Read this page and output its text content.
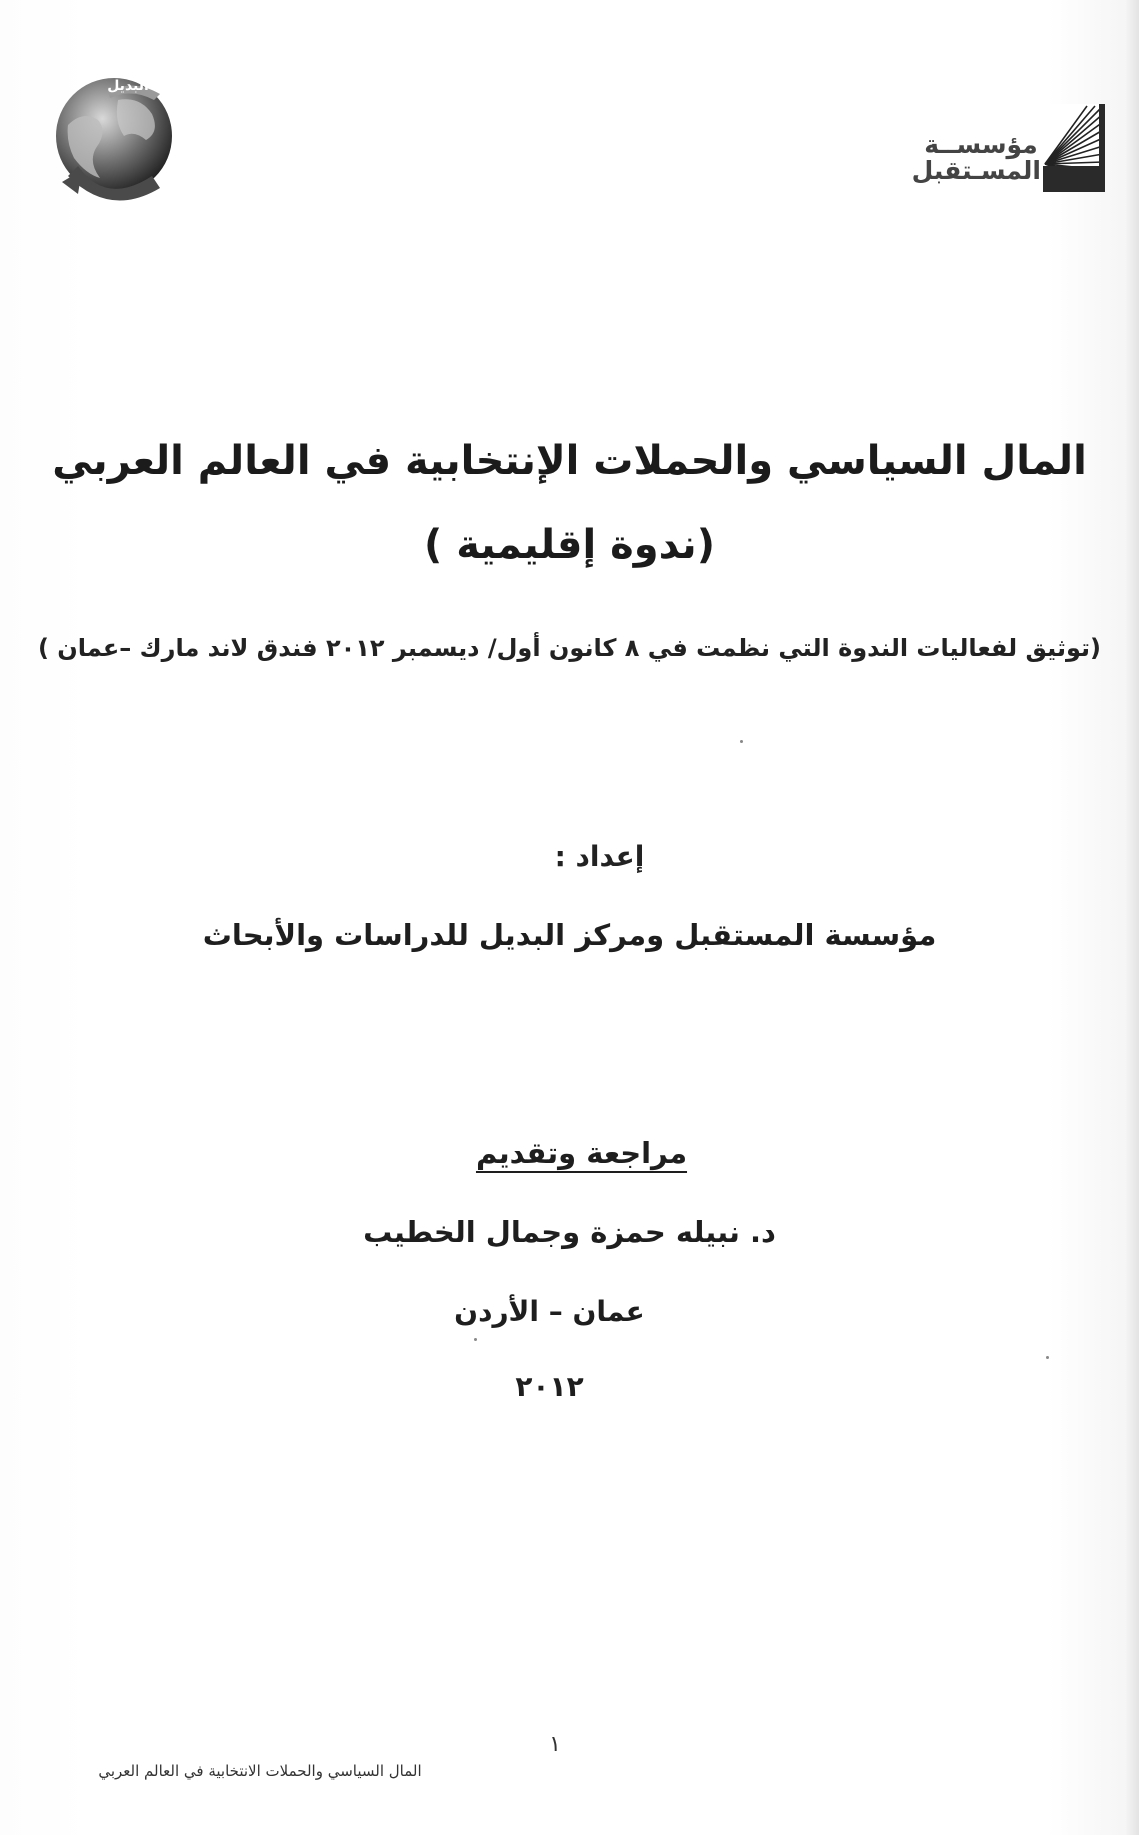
البديل
مؤسســة
المسـتقبل
المال السياسي والحملات الإنتخابية في العالم العربي
(ندوة إقليمية )
(توثيق لفعاليات الندوة التي نظمت في ٨ كانون أول/ ديسمبر ٢٠١٢ فندق لاند مارك –عمان )
إعداد :
مؤسسة المستقبل ومركز البديل للدراسات والأبحاث
مراجعة وتقديم
د. نبيله حمزة وجمال الخطيب
عمان – الأردن
٢٠١٢
١
المال السياسي والحملات الانتخابية في العالم العربي
